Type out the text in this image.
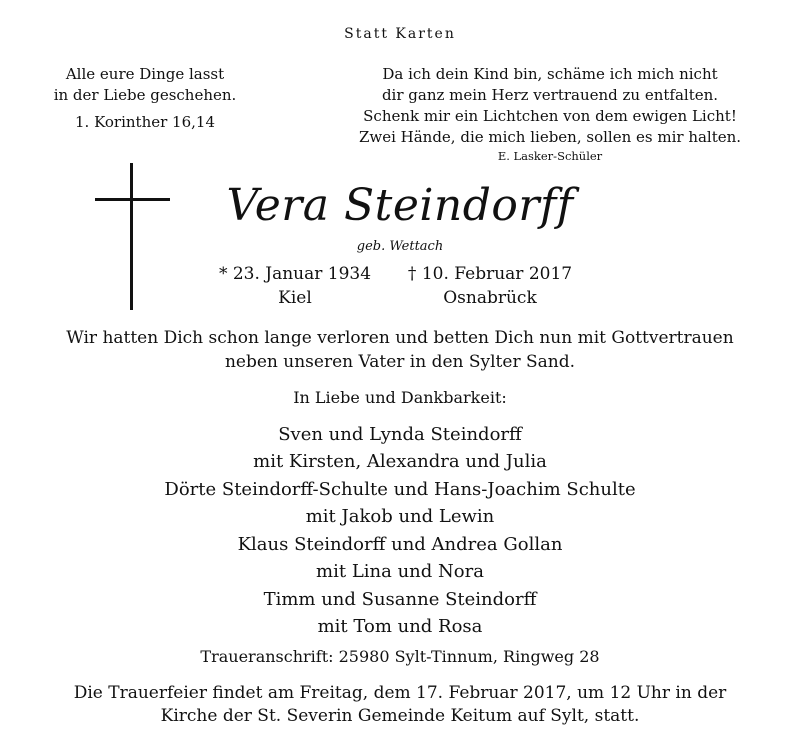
Statt Karten
Alle eure Dinge lasst
in der Liebe geschehen.
1. Korinther 16,14
Da ich dein Kind bin, schäme ich mich nicht
dir ganz mein Herz vertrauend zu entfalten.
Schenk mir ein Lichtchen von dem ewigen Licht!
Zwei Hände, die mich lieben, sollen es mir halten.
E. Lasker-Schüler
Vera Steindorff
geb. Wettach
* 23. Januar 1934
Kiel
† 10. Februar 2017
Osnabrück
Wir hatten Dich schon lange verloren und betten Dich nun mit Gottvertrauen
neben unseren Vater in den Sylter Sand.
In Liebe und Dankbarkeit:
Sven und Lynda Steindorff
mit Kirsten, Alexandra und Julia
Dörte Steindorff-Schulte und Hans-Joachim Schulte
mit Jakob und Lewin
Klaus Steindorff und Andrea Gollan
mit Lina und Nora
Timm und Susanne Steindorff
mit Tom und Rosa
Traueranschrift: 25980 Sylt-Tinnum, Ringweg 28
Die Trauerfeier findet am Freitag, dem 17. Februar 2017, um 12 Uhr in der
Kirche der St. Severin Gemeinde Keitum auf Sylt, statt.
